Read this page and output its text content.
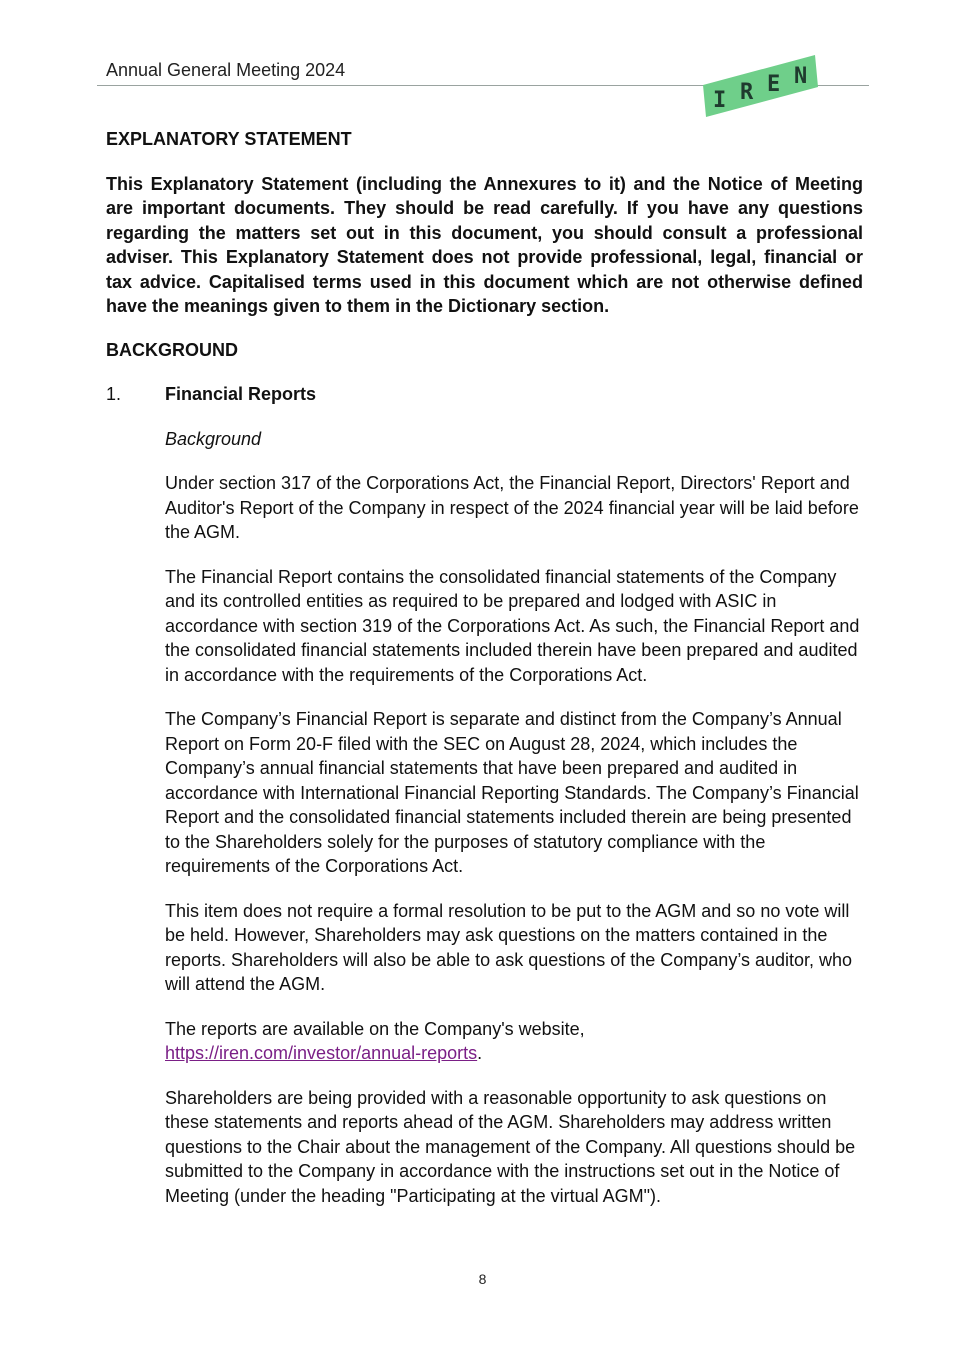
Annual General Meeting 2024
I R E N
EXPLANATORY STATEMENT
This Explanatory Statement (including the Annexures to it) and the Notice of Meeting are important documents. They should be read carefully. If you have any questions regarding the matters set out in this document, you should consult a professional adviser. This Explanatory Statement does not provide professional, legal, financial or tax advice. Capitalised terms used in this document which are not otherwise defined have the meanings given to them in the Dictionary section.
BACKGROUND
1. Financial Reports

Background

Under section 317 of the Corporations Act, the Financial Report, Directors' Report and Auditor's Report of the Company in respect of the 2024 financial year will be laid before the AGM.

The Financial Report contains the consolidated financial statements of the Company and its controlled entities as required to be prepared and lodged with ASIC in accordance with section 319 of the Corporations Act. As such, the Financial Report and the consolidated financial statements included therein have been prepared and audited in accordance with the requirements of the Corporations Act.

The Company’s Financial Report is separate and distinct from the Company’s Annual Report on Form 20-F filed with the SEC on August 28, 2024, which includes the Company’s annual financial statements that have been prepared and audited in accordance with International Financial Reporting Standards. The Company’s Financial Report and the consolidated financial statements included therein are being presented to the Shareholders solely for the purposes of statutory compliance with the requirements of the Corporations Act.

This item does not require a formal resolution to be put to the AGM and so no vote will be held. However, Shareholders may ask questions on the matters contained in the reports. Shareholders will also be able to ask questions of the Company’s auditor, who will attend the AGM.

The reports are available on the Company's website,
https://iren.com/investor/annual-reports.

Shareholders are being provided with a reasonable opportunity to ask questions on these statements and reports ahead of the AGM. Shareholders may address written questions to the Chair about the management of the Company. All questions should be submitted to the Company in accordance with the instructions set out in the Notice of Meeting (under the heading "Participating at the virtual AGM").

8
